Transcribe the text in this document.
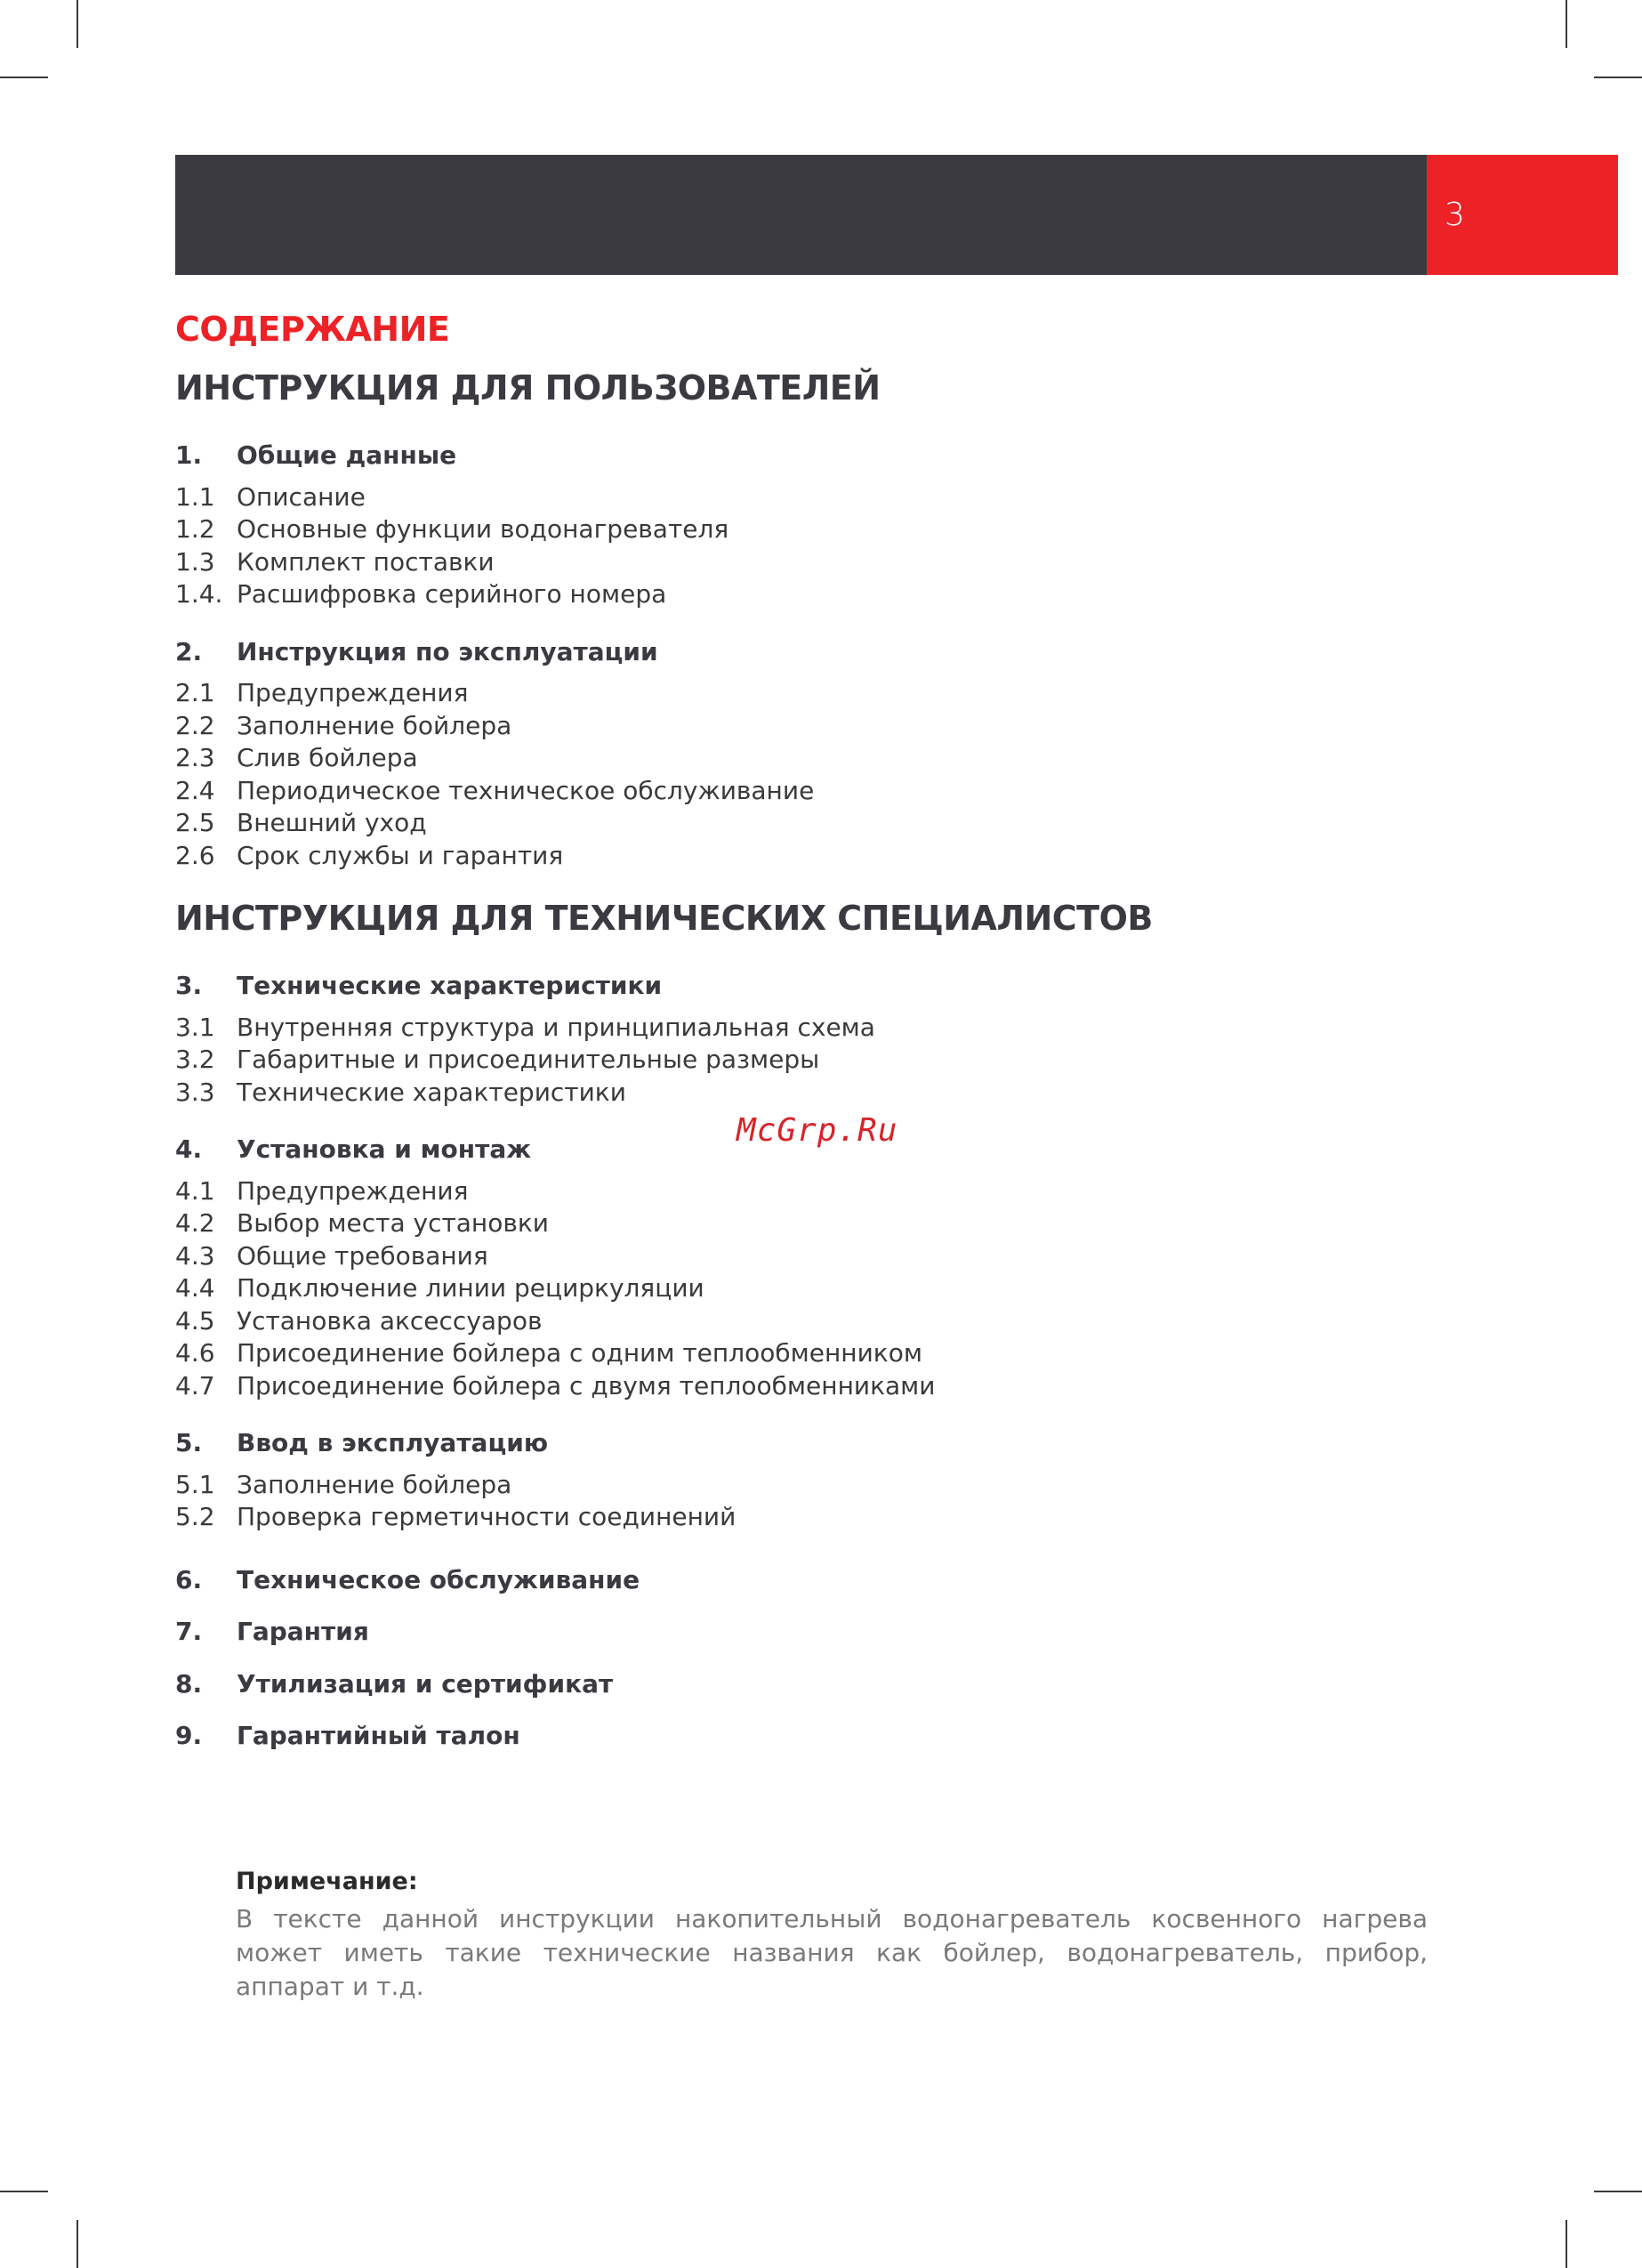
3
СОДЕРЖАНИЕ
ИНСТРУКЦИЯ ДЛЯ ПОЛЬЗОВАТЕЛЕЙ
1.	Общие данные
1.1 Описание
1.2 Основные функции водонагревателя
1.3 Комплект поставки
1.4. Расшифровка серийного номера
2.	Инструкция по эксплуатации
2.1 Предупреждения
2.2 Заполнение бойлера
2.3 Слив бойлера
2.4 Периодическое техническое обслуживание
2.5 Внешний уход
2.6 Срок службы и гарантия
ИНСТРУКЦИЯ ДЛЯ ТЕХНИЧЕСКИХ СПЕЦИАЛИСТОВ
3.	Технические характеристики
3.1 Внутренняя структура и принципиальная схема
3.2 Габаритные и присоединительные размеры
3.3 Технические характеристики
4.	Установка и монтаж
4.1 Предупреждения
4.2 Выбор места установки
4.3 Общие требования
4.4 Подключение линии рециркуляции
4.5 Установка аксессуаров
4.6 Присоединение бойлера с одним теплообменником
4.7 Присоединение бойлера с двумя теплообменниками
5.	Ввод в эксплуатацию
5.1 Заполнение бойлера
5.2 Проверка герметичности соединений
6.	Техническое обслуживание
7.	Гарантия
8.	Утилизация и сертификат
9.	Гарантийный талон
McGrp.Ru
Примечание:
В тексте данной инструкции накопительный водонагреватель косвенного нагрева может иметь такие технические названия как бойлер, водонагреватель, прибор, аппарат и т.д.
